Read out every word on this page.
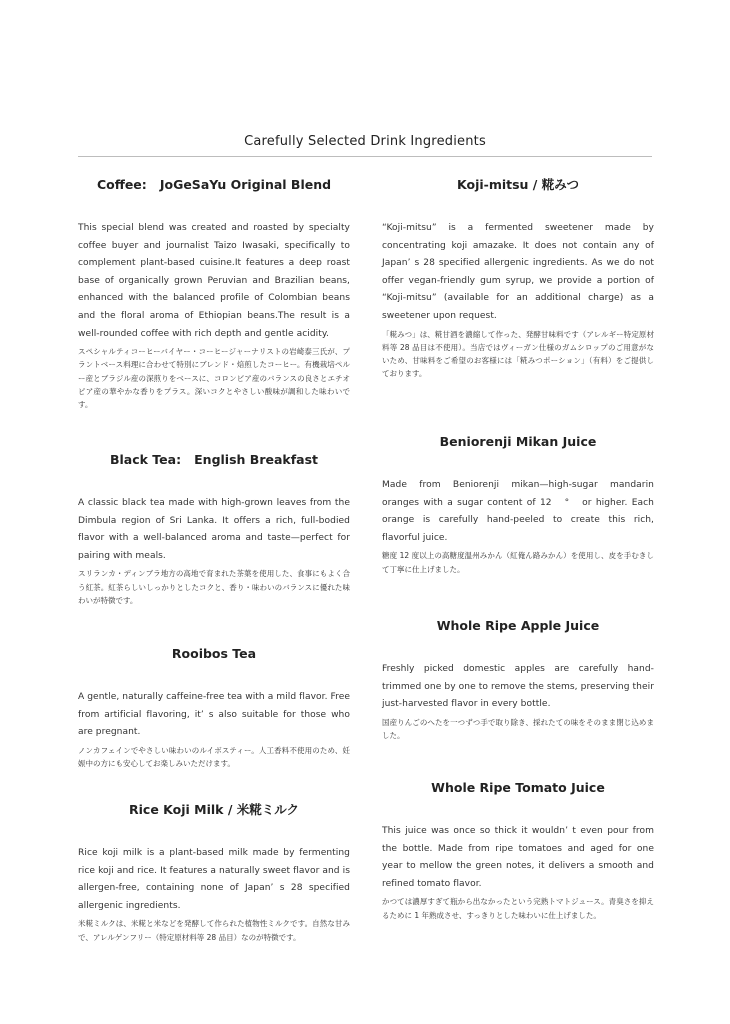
Carefully Selected Drink Ingredients
Coffee:   JoGeSaYu Original Blend

This special blend was created and roasted by specialty coffee buyer and journalist Taizo Iwasaki, specifically to complement plant-based cuisine.It features a deep roast base of organically grown Peruvian and Brazilian beans, enhanced with the balanced profile of Colombian beans and the floral aroma of Ethiopian beans.The result is a well-rounded coffee with rich depth and gentle acidity.

スペシャルティコーヒーバイヤー・コーヒージャーナリストの岩崎泰三氏が、プラントベース料理に合わせて特別にブレンド・焙煎したコーヒー。有機栽培ペルー産とブラジル産の深煎りをベースに、コロンビア産のバランスの良さとエチオピア産の華やかな香りをプラス。深いコクとやさしい酸味が調和した味わいです。

Black Tea:   English Breakfast

A classic black tea made with high-grown leaves from the Dimbula region of Sri Lanka. It offers a rich, full-bodied flavor with a well-balanced aroma and taste—perfect for pairing with meals.

スリランカ・ディンブラ地方の高地で育まれた茶葉を使用した、食事にもよく合う紅茶。紅茶らしいしっかりとしたコクと、香り・味わいのバランスに優れた味わいが特徴です。

Rooibos Tea

A gentle, naturally caffeine-free tea with a mild flavor. Free from artificial flavoring, it’ s also suitable for those who are pregnant.

ノンカフェインでやさしい味わいのルイボスティー。人工香料不使用のため、妊娠中の方にも安心してお楽しみいただけます。

Rice Koji Milk / 米糀ミルク

Rice koji milk is a plant-based milk made by fermenting rice koji and rice. It features a naturally sweet flavor and is allergen-free, containing none of Japan’ s 28 specified allergenic ingredients.

米糀ミルクは、米糀と米などを発酵して作られた植物性ミルクです。自然な甘みで、アレルゲンフリー（特定原材料等 28 品目）なのが特徴です。

Koji-mitsu / 糀みつ

“Koji-mitsu” is a fermented sweetener made by concentrating koji amazake. It does not contain any of Japan’ s 28 specified allergenic ingredients. As we do not offer vegan-friendly gum syrup, we provide a portion of “Koji-mitsu” (available for an additional charge) as a sweetener upon request.

「糀みつ」は、糀甘酒を濃縮して作った、発酵甘味料です（アレルギー特定原材料等 28 品目は不使用）。当店ではヴィーガン仕様のガムシロップのご用意がないため、甘味料をご希望のお客様には「糀みつポーション」（有料）をご提供しております。

Beniorenji Mikan Juice

Made from Beniorenji mikan—high-sugar mandarin oranges with a sugar content of 12   °   or higher. Each orange is carefully hand-peeled to create this rich, flavorful juice.

糖度 12 度以上の高糖度温州みかん（紅俺ん路みかん）を使用し、皮を手むきして丁寧に仕上げました。

Whole Ripe Apple Juice

Freshly picked domestic apples are carefully hand-trimmed one by one to remove the stems, preserving their just-harvested flavor in every bottle.

国産りんごのへたを一つずつ手で取り除き、採れたての味をそのまま閉じ込めました。

Whole Ripe Tomato Juice

This juice was once so thick it wouldn’ t even pour from the bottle. Made from ripe tomatoes and aged for one year to mellow the green notes, it delivers a smooth and refined tomato flavor.

かつては濃厚すぎて瓶から出なかったという完熟トマトジュース。青臭さを抑えるために 1 年熟成させ、すっきりとした味わいに仕上げました。
